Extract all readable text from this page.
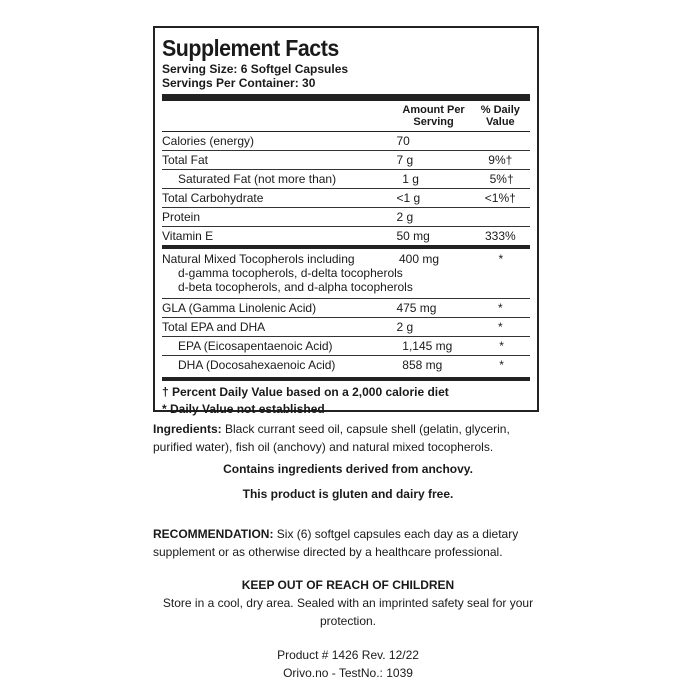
Supplement Facts
Serving Size: 6 Softgel Capsules
Servings Per Container: 30
Amount Per
Serving
% Daily
Value
Calories (energy)	70
Total Fat	7 g	9%†
Saturated Fat (not more than)	1 g	5%†
Total Carbohydrate	<1 g	<1%†
Protein	2 g
Vitamin E	50 mg	333%
Natural Mixed Tocopherols including
d-gamma tocopherols, d-delta tocopherols
d-beta tocopherols, and d-alpha tocopherols
400 mg	*
GLA (Gamma Linolenic Acid)	475 mg	*
Total EPA and DHA	2 g	*
EPA (Eicosapentaenoic Acid)	1,145 mg	*
DHA (Docosahexaenoic Acid)	858 mg	*
† Percent Daily Value based on a 2,000 calorie diet
* Daily Value not established
Ingredients: Black currant seed oil, capsule shell (gelatin, glycerin, purified water), fish oil (anchovy) and natural mixed tocopherols.
Contains ingredients derived from anchovy.
This product is gluten and dairy free.
RECOMMENDATION: Six (6) softgel capsules each day as a dietary supplement or as otherwise directed by a healthcare professional.
KEEP OUT OF REACH OF CHILDREN
Store in a cool, dry area. Sealed with an imprinted safety seal for your protection.
Product # 1426 Rev. 12/22
Orivo.no - TestNo.: 1039
